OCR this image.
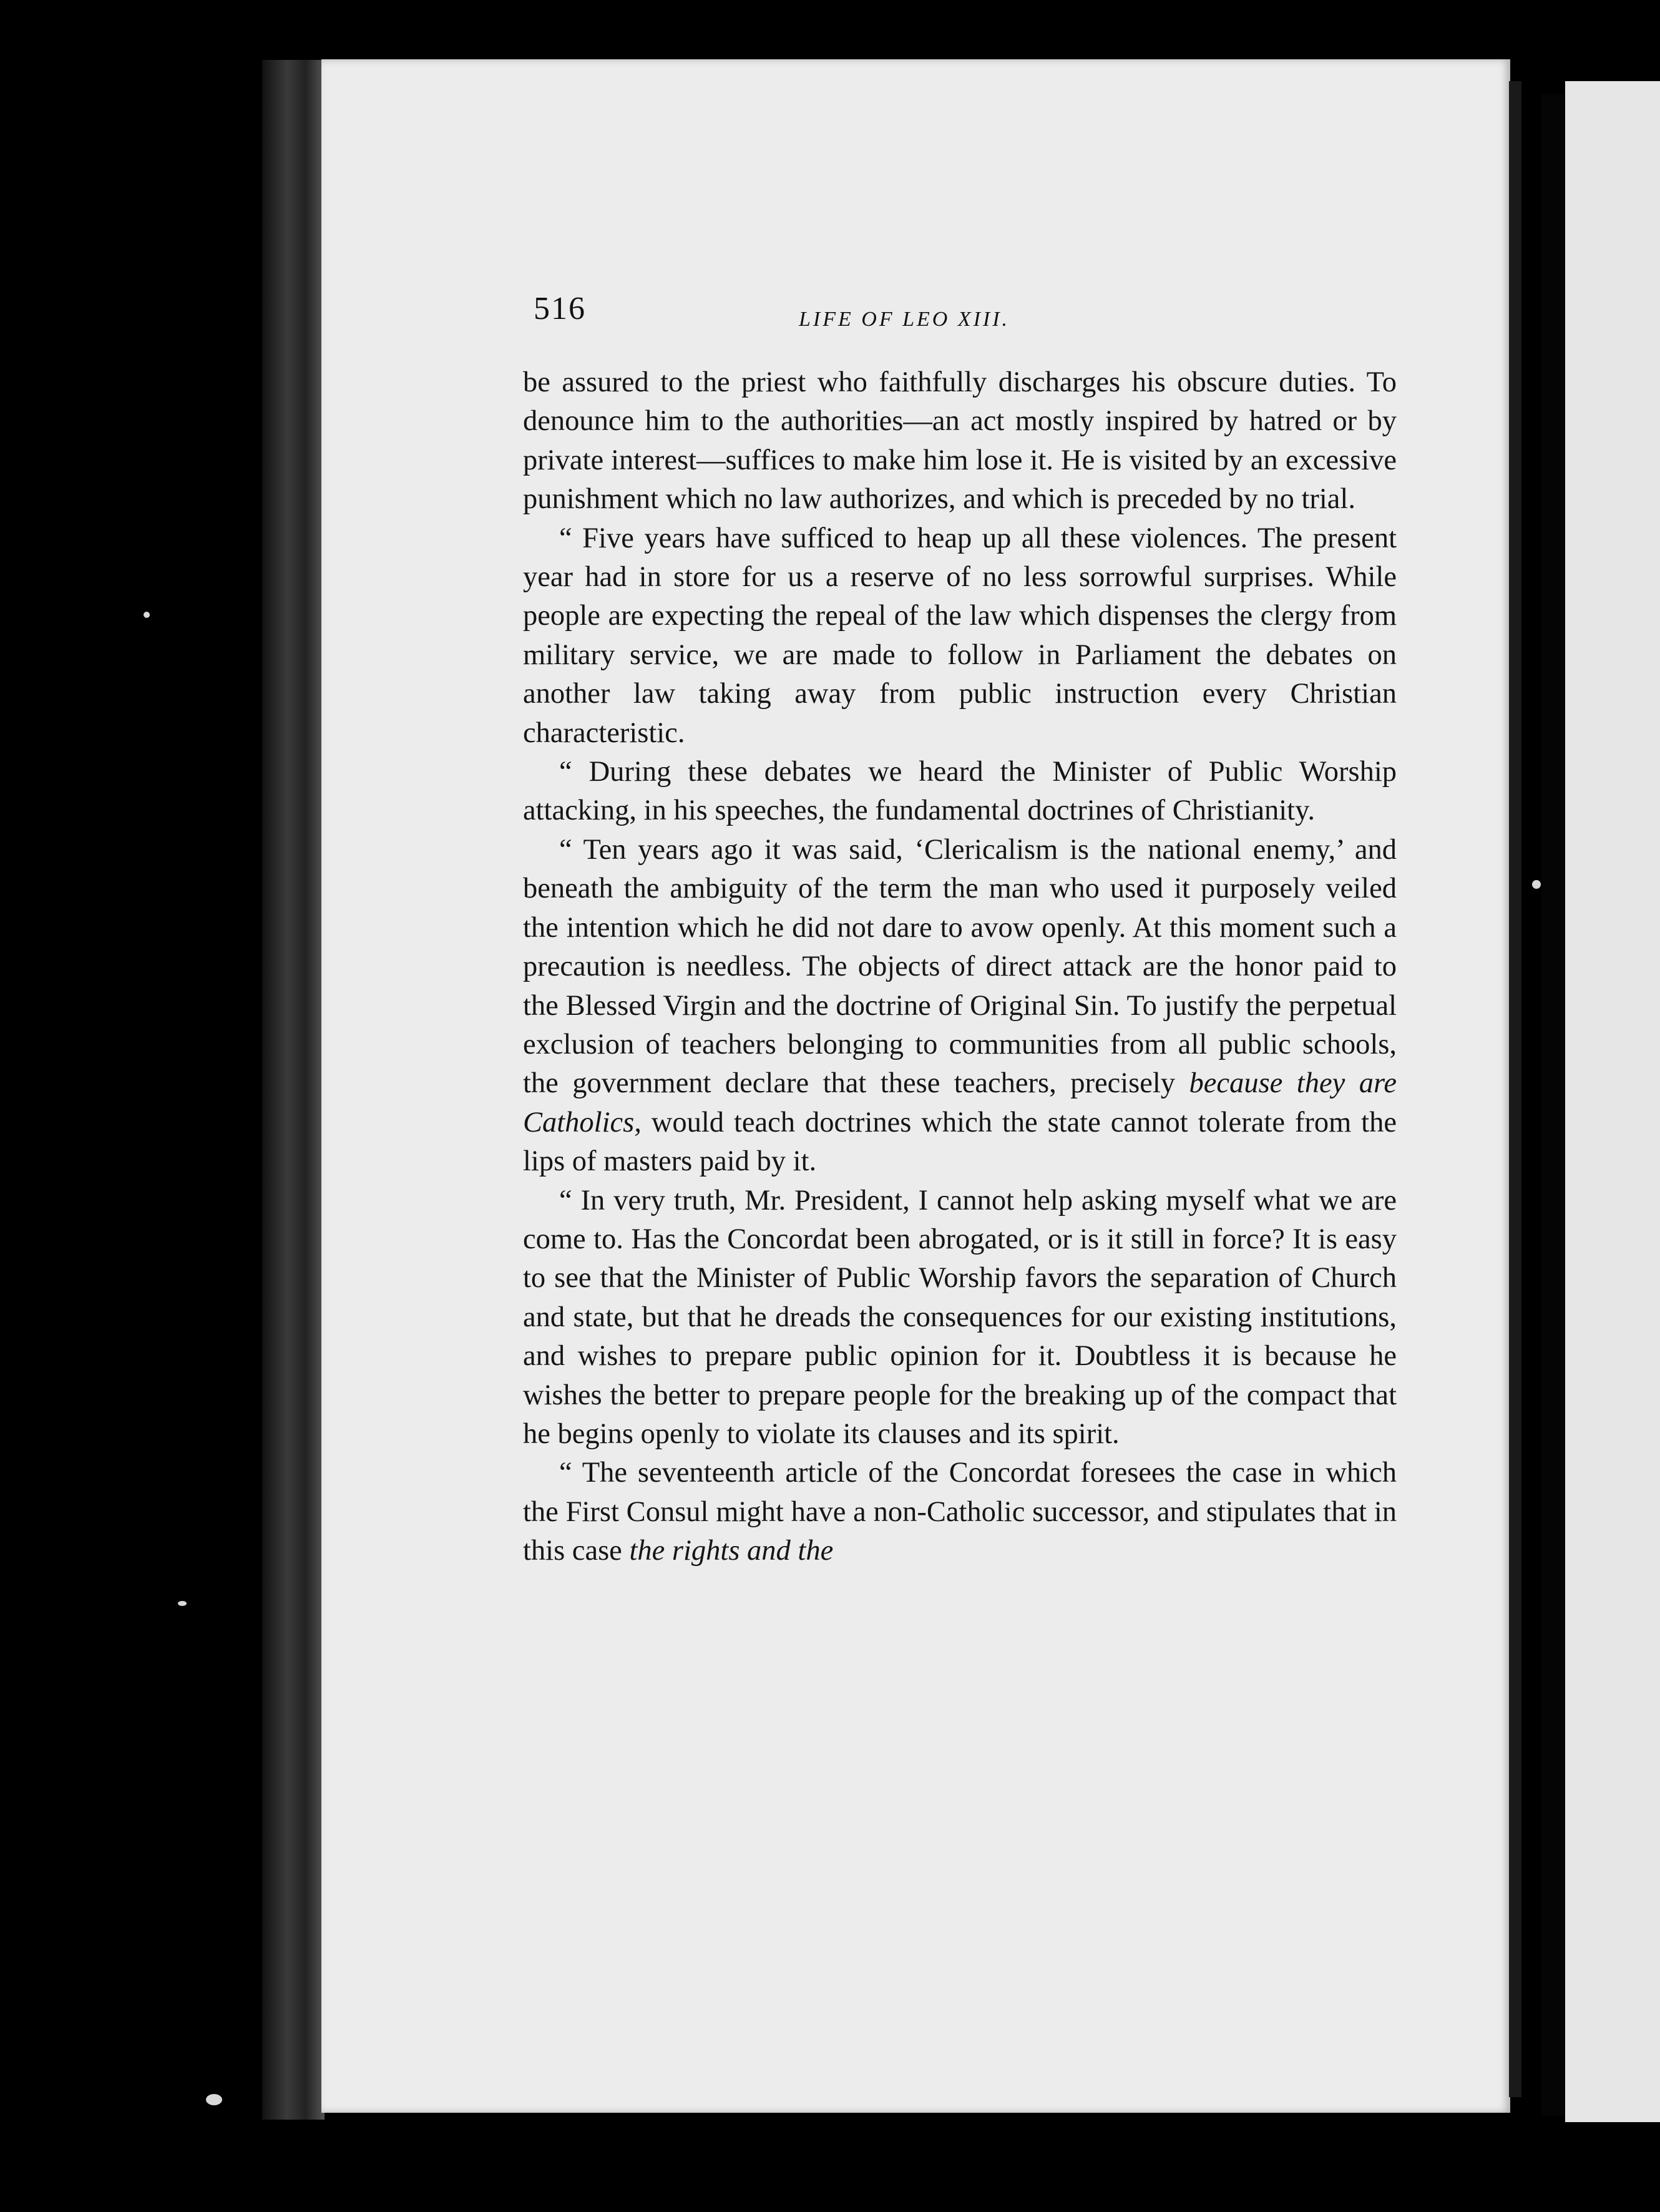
516	LIFE OF LEO XIII.

be assured to the priest who faithfully discharges his obscure duties. To denounce him to the authorities—an act mostly inspired by hatred or by private interest—suffices to make him lose it. He is visited by an excessive punishment which no law authorizes, and which is preceded by no trial.

“ Five years have sufficed to heap up all these violences. The present year had in store for us a reserve of no less sorrowful surprises. While people are expecting the repeal of the law which dispenses the clergy from military service, we are made to follow in Parliament the debates on another law taking away from public instruction every Christian characteristic.

“ During these debates we heard the Minister of Public Worship attacking, in his speeches, the fundamental doctrines of Christianity.

“ Ten years ago it was said, ‘Clericalism is the national enemy,’ and beneath the ambiguity of the term the man who used it purposely veiled the intention which he did not dare to avow openly. At this moment such a precaution is needless. The objects of direct attack are the honor paid to the Blessed Virgin and the doctrine of Original Sin. To justify the perpetual exclusion of teachers belonging to communities from all public schools, the government declare that these teachers, precisely because they are Catholics, would teach doctrines which the state cannot tolerate from the lips of masters paid by it.

“ In very truth, Mr. President, I cannot help asking myself what we are come to. Has the Concordat been abrogated, or is it still in force? It is easy to see that the Minister of Public Worship favors the separation of Church and state, but that he dreads the consequences for our existing institutions, and wishes to prepare public opinion for it. Doubtless it is because he wishes the better to prepare people for the breaking up of the compact that he begins openly to violate its clauses and its spirit.

“ The seventeenth article of the Concordat foresees the case in which the First Consul might have a non-Catholic successor, and stipulates that in this case the rights and the
